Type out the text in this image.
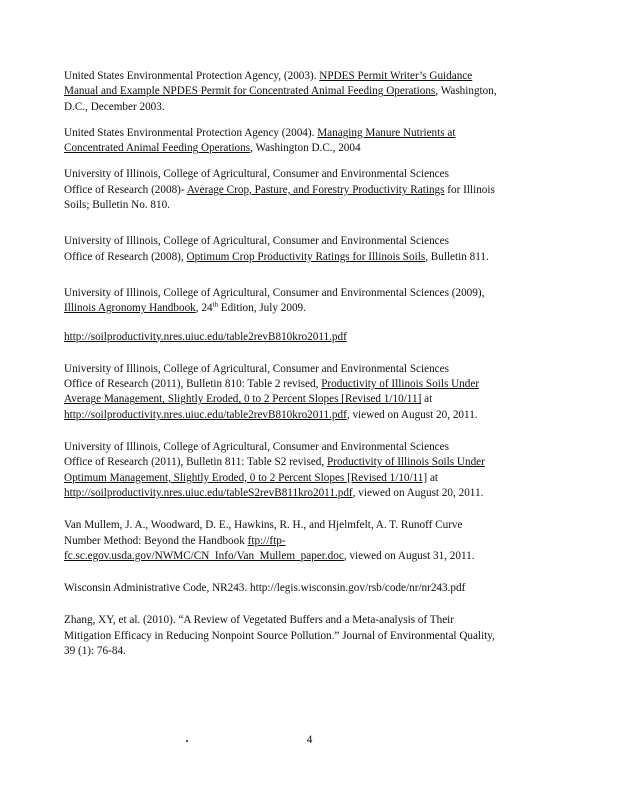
United States Environmental Protection Agency, (2003). NPDES Permit Writer’s Guidance
Manual and Example NPDES Permit for Concentrated Animal Feeding Operations, Washington,
D.C., December 2003.

United States Environmental Protection Agency (2004). Managing Manure Nutrients at
Concentrated Animal Feeding Operations, Washington D.C., 2004

University of Illinois, College of Agricultural, Consumer and Environmental Sciences
Office of Research (2008)- Average Crop, Pasture, and Forestry Productivity Ratings for Illinois
Soils; Bulletin No. 810.

University of Illinois, College of Agricultural, Consumer and Environmental Sciences
Office of Research (2008), Optimum Crop Productivity Ratings for Illinois Soils, Bulletin 811.

University of Illinois, College of Agricultural, Consumer and Environmental Sciences (2009),
Illinois Agronomy Handbook, 24th Edition, July 2009.

http://soilproductivity.nres.uiuc.edu/table2revB810kro2011.pdf

University of Illinois, College of Agricultural, Consumer and Environmental Sciences
Office of Research (2011), Bulletin 810: Table 2 revised, Productivity of Illinois Soils Under
Average Management, Slightly Eroded, 0 to 2 Percent Slopes [Revised 1/10/11] at
http://soilproductivity.nres.uiuc.edu/table2revB810kro2011.pdf, viewed on August 20, 2011.

University of Illinois, College of Agricultural, Consumer and Environmental Sciences
Office of Research (2011), Bulletin 811: Table S2 revised, Productivity of Illinois Soils Under
Optimum Management, Slightly Eroded, 0 to 2 Percent Slopes [Revised 1/10/11] at
http://soilproductivity.nres.uiuc.edu/tableS2revB811kro2011.pdf, viewed on August 20, 2011.

Van Mullem, J. A., Woodward, D. E., Hawkins, R. H., and Hjelmfelt, A. T. Runoff Curve
Number Method: Beyond the Handbook ftp://ftp-
fc.sc.egov.usda.gov/NWMC/CN_Info/Van_Mullem_paper.doc, viewed on August 31, 2011.

Wisconsin Administrative Code, NR243. http://legis.wisconsin.gov/rsb/code/nr/nr243.pdf

Zhang, XY, et al. (2010). “A Review of Vegetated Buffers and a Meta-analysis of Their
Mitigation Efficacy in Reducing Nonpoint Source Pollution.” Journal of Environmental Quality,
39 (1): 76-84.

4
